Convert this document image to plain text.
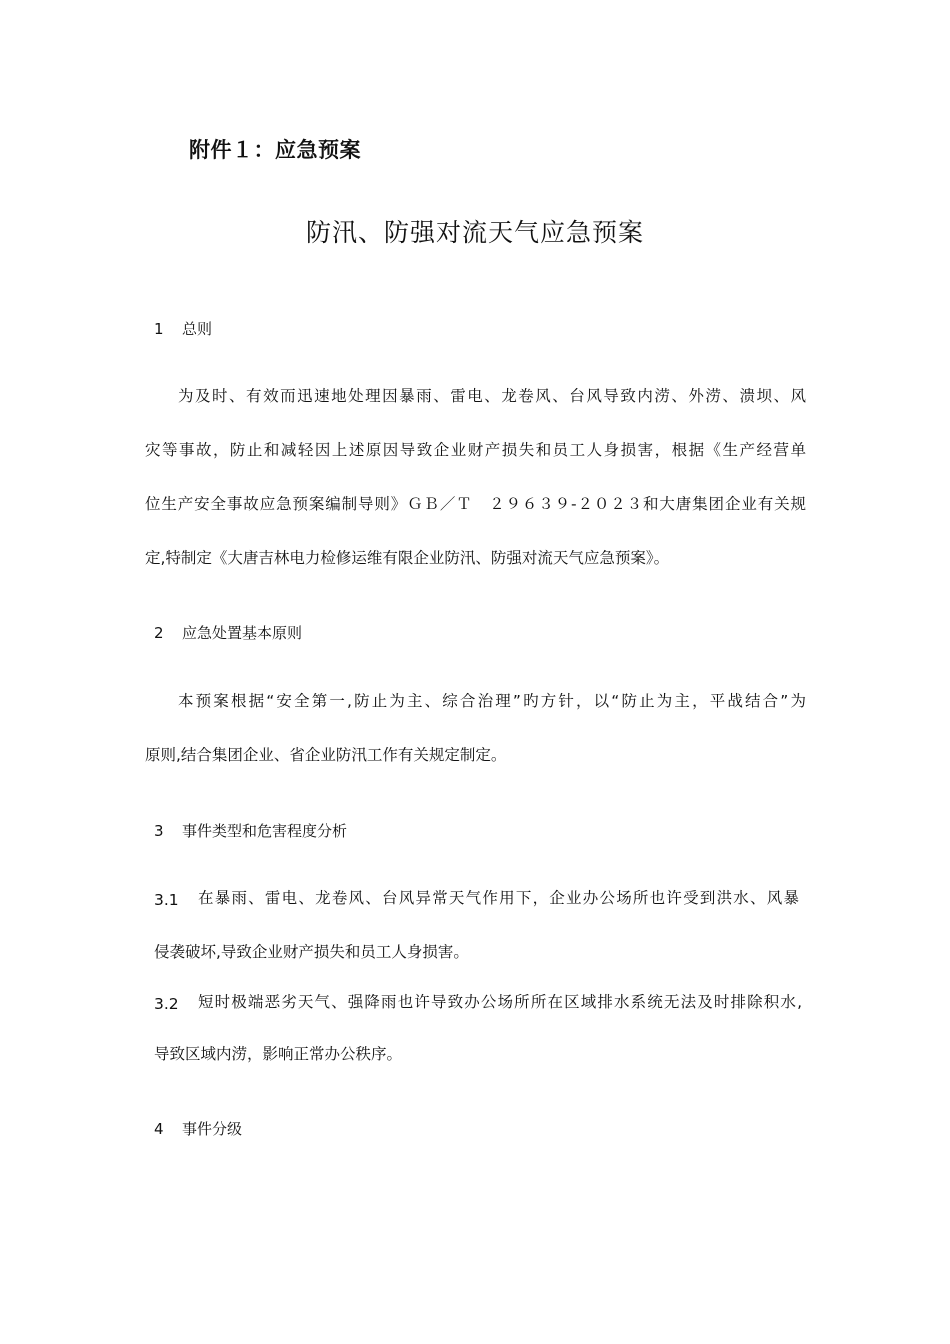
附件１：应急预案
防汛、防强对流天气应急预案
1 总则
为及时、有效而迅速地处理因暴雨、雷电、龙卷风、台风导致内涝、外涝、溃坝、风
灾等事故，防止和减轻因上述原因导致企业财产损失和员工人身损害，根据《生产经营单
位生产安全事故应急预案编制导则》ＧＢ／Ｔ　２９６３９-２０２３和大唐集团企业有关规
定,特制定《大唐吉林电力检修运维有限企业防汛、防强对流天气应急预案》。
2 应急处置基本原则
本预案根据“安全第一,防止为主、综合治理”旳方针，以“防止为主，平战结合”为
原则,结合集团企业、省企业防汛工作有关规定制定。
3 事件类型和危害程度分析
3.1 在暴雨、雷电、龙卷风、台风异常天气作用下，企业办公场所也许受到洪水、风暴
侵袭破坏,导致企业财产损失和员工人身损害。
3.2 短时极端恶劣天气、强降雨也许导致办公场所所在区域排水系统无法及时排除积水,
导致区域内涝，影响正常办公秩序。
4 事件分级
